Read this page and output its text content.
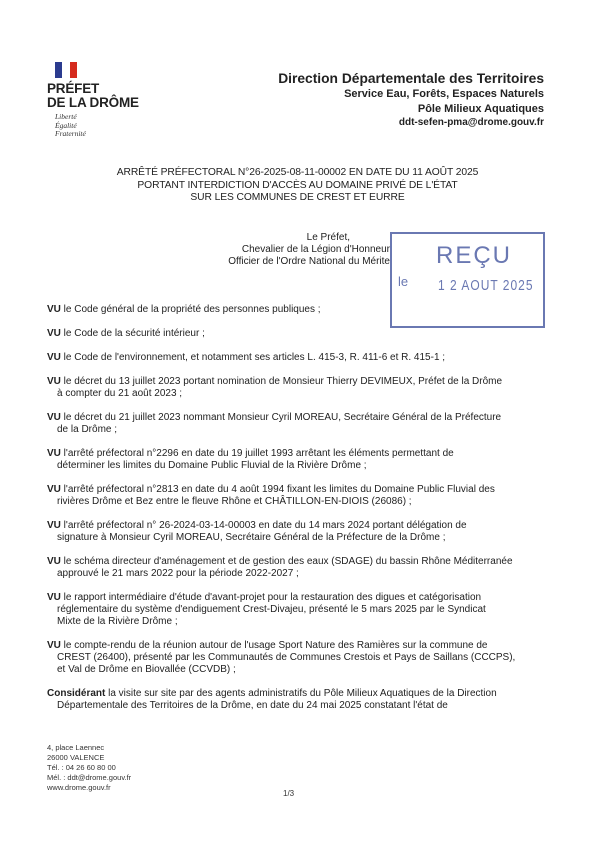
PRÉFET
DE LA DRÔME
Liberté
Égalité
Fraternité
Direction Départementale des Territoires
Service Eau, Forêts, Espaces Naturels
Pôle Milieux Aquatiques
ddt-sefen-pma@drome.gouv.fr
ARRÊTÉ PRÉFECTORAL N°26-2025-08-11-00002 EN DATE DU 11 AOÛT 2025
PORTANT INTERDICTION D'ACCÈS AU DOMAINE PRIVÉ DE L'ÉTAT
SUR LES COMMUNES DE CREST ET EURRE
Le Préfet,
Chevalier de la Légion d'Honneur
Officier de l'Ordre National du Mérite REÇU
le 1 2 AOUT 2025

VU le Code général de la propriété des personnes publiques ;

VU le Code de la sécurité intérieur ;

VU le Code de l'environnement, et notamment ses articles L. 415-3, R. 411-6 et R. 415-1 ;

VU le décret du 13 juillet 2023 portant nomination de Monsieur Thierry DEVIMEUX, Préfet de la Drôme
à compter du 21 août 2023 ;

VU le décret du 21 juillet 2023 nommant Monsieur Cyril MOREAU, Secrétaire Général de la Préfecture
de la Drôme ;

VU l'arrêté préfectoral n°2296 en date du 19 juillet 1993 arrêtant les éléments permettant de
déterminer les limites du Domaine Public Fluvial de la Rivière Drôme ;

VU l'arrêté préfectoral n°2813 en date du 4 août 1994 fixant les limites du Domaine Public Fluvial des
rivières Drôme et Bez entre le fleuve Rhône et CHÂTILLON-EN-DIOIS (26086) ;

VU l'arrêté préfectoral n° 26-2024-03-14-00003 en date du 14 mars 2024 portant délégation de
signature à Monsieur Cyril MOREAU, Secrétaire Général de la Préfecture de la Drôme ;

VU le schéma directeur d'aménagement et de gestion des eaux (SDAGE) du bassin Rhône Méditerranée
approuvé le 21 mars 2022 pour la période 2022-2027 ;

VU le rapport intermédiaire d'étude d'avant-projet pour la restauration des digues et catégorisation
réglementaire du système d'endiguement Crest-Divajeu, présenté le 5 mars 2025 par le Syndicat
Mixte de la Rivière Drôme ;

VU le compte-rendu de la réunion autour de l'usage Sport Nature des Ramières sur la commune de
CREST (26400), présenté par les Communautés de Communes Crestois et Pays de Saillans (CCCPS),
et Val de Drôme en Biovallée (CCVDB) ;

Considérant la visite sur site par des agents administratifs du Pôle Milieux Aquatiques de la Direction
Départementale des Territoires de la Drôme, en date du 24 mai 2025 constatant l'état de

4, place Laennec
26000 VALENCE
Tél. : 04 26 60 80 00
Mél. : ddt@drome.gouv.fr
www.drome.gouv.fr
1/3
